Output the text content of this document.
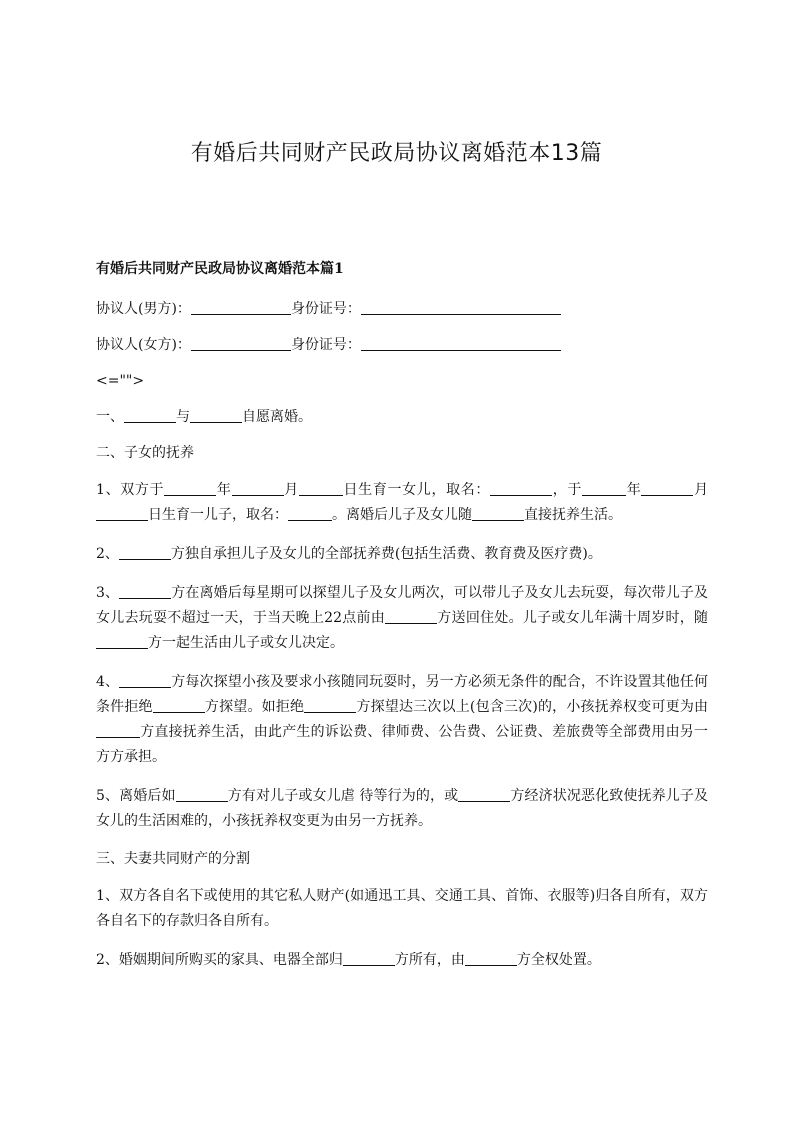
有婚后共同财产民政局协议离婚范本13篇
有婚后共同财产民政局协议离婚范本篇1
协议人(男方)：	身份证号：
协议人(女方)：	身份证号：
<="">
一、	与	自愿离婚。
二、子女的抚养
1、双方于	年	月	日生育一女儿，取名：	，于	年	月日生育一儿子，取名：	。离婚后儿子及女儿随	直接抚养生活。
2、	方独自承担儿子及女儿的全部抚养费(包括生活费、教育费及医疗费)。
3、	方在离婚后每星期可以探望儿子及女儿两次，可以带儿子及女儿去玩耍，每次带儿子及女儿去玩耍不超过一天，于当天晚上22点前由	方送回住处。儿子或女儿年满十周岁时，随方一起生活由儿子或女儿决定。
4、	方每次探望小孩及要求小孩随同玩耍时，另一方必须无条件的配合，不许设置其他任何条件拒绝	方探望。如拒绝	方探望达三次以上(包含三次)的，小孩抚养权变可更为由方直接抚养生活，由此产生的诉讼费、律师费、公告费、公证费、差旅费等全部费用由另一方方承担。
5、离婚后如	方有对儿子或女儿虐 待等行为的，或	方经济状况恶化致使抚养儿子及女儿的生活困难的，小孩抚养权变更为由另一方抚养。
三、夫妻共同财产的分割
1、双方各自名下或使用的其它私人财产(如通迅工具、交通工具、首饰、衣服等)归各自所有，双方各自名下的存款归各自所有。
2、婚姻期间所购买的家具、电器全部归	方所有，由	方全权处置。
